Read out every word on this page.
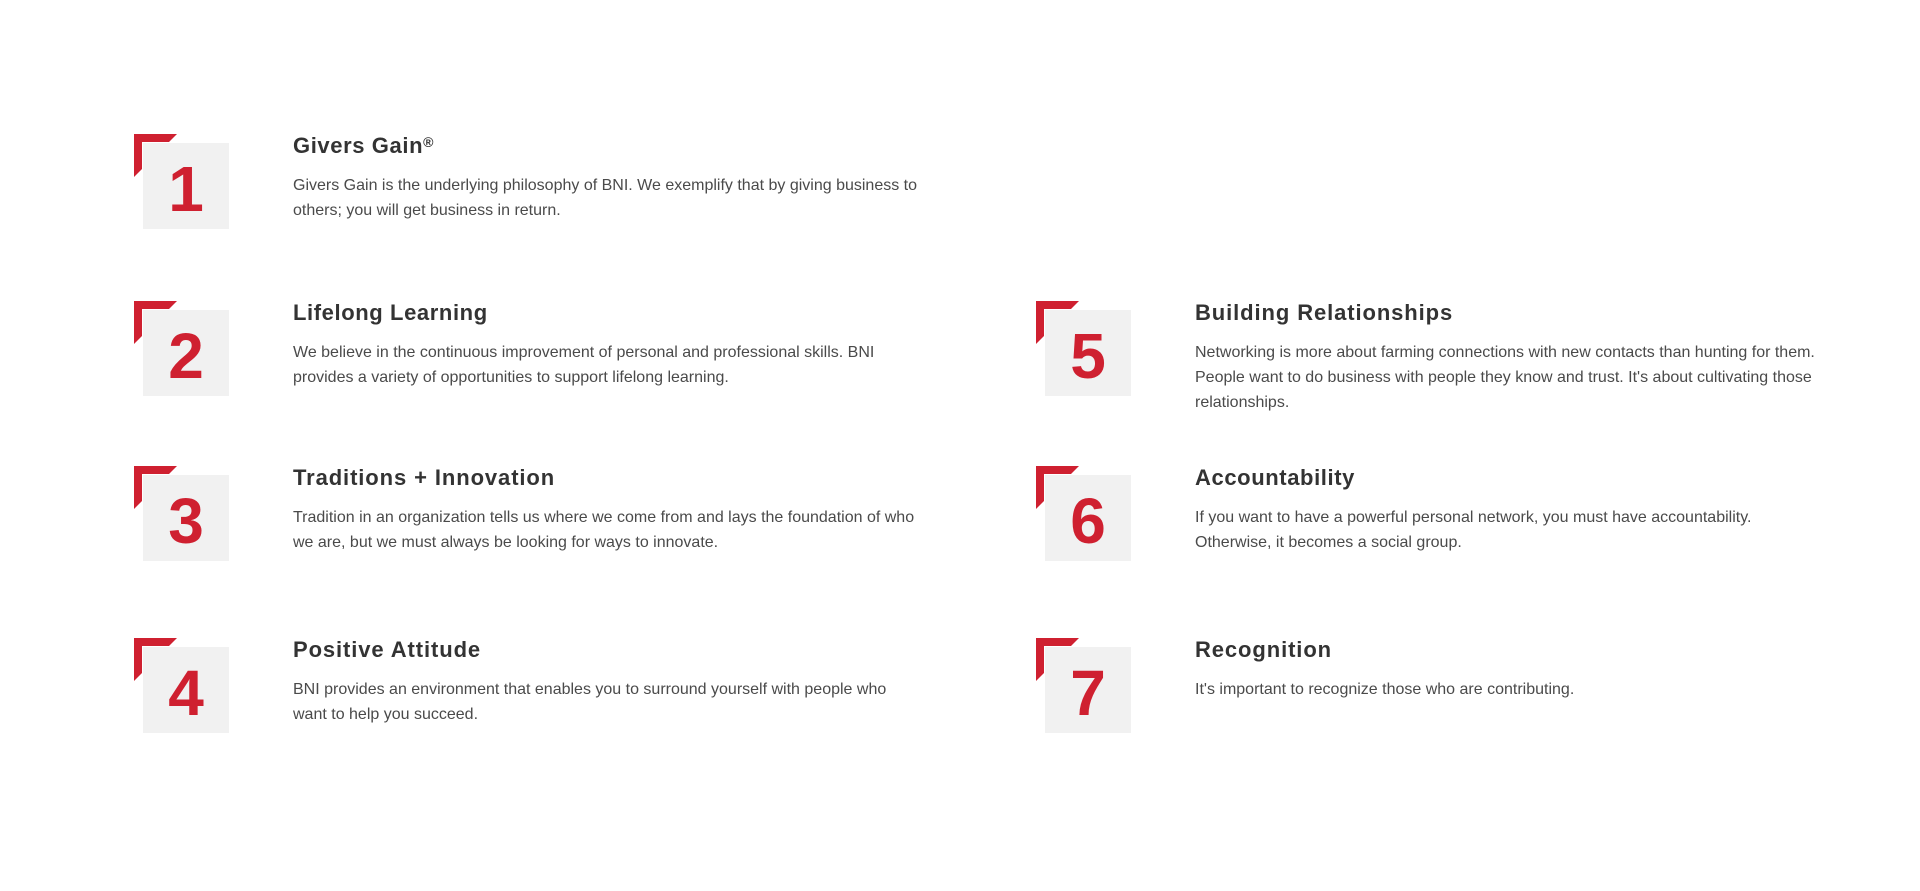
1
Givers Gain®

Givers Gain is the underlying philosophy of BNI. We exemplify that by giving business to others; you will get business in return.

2
Lifelong Learning

We believe in the continuous improvement of personal and professional skills. BNI provides a variety of opportunities to support lifelong learning.

3
Traditions + Innovation

Tradition in an organization tells us where we come from and lays the foundation of who we are, but we must always be looking for ways to innovate.

4
Positive Attitude

BNI provides an environment that enables you to surround yourself with people who want to help you succeed.

5
Building Relationships

Networking is more about farming connections with new contacts than hunting for them. People want to do business with people they know and trust. It's about cultivating those relationships.

6
Accountability

If you want to have a powerful personal network, you must have accountability. Otherwise, it becomes a social group.

7
Recognition

It's important to recognize those who are contributing.
